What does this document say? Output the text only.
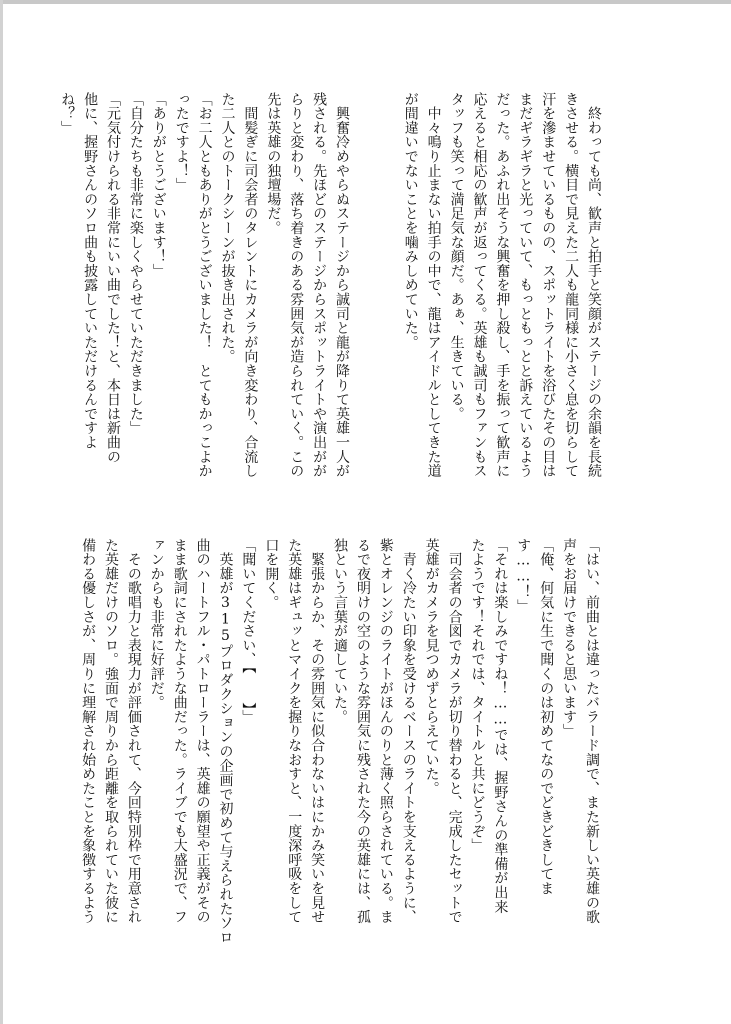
　終わっても尚、歓声と拍手と笑顔がステージの余韻を長続

きさせる。横目で見えた二人も龍同様に小さく息を切らして

汗を滲ませているものの、スポットライトを浴びたその目は

まだギラギラと光っていて、もっともっとと訴えているよう

だった。あふれ出そうな興奮を押し殺し、手を振って歓声に

応えると相応の歓声が返ってくる。英雄も誠司もファンもス

タッフも笑って満足気な顔だ。あぁ、生きている。

　中々鳴り止まない拍手の中で、龍はアイドルとしてきた道

が間違いでないことを噛みしめていた。

　興奮冷めやらぬステージから誠司と龍が降りて英雄一人が

残される。先ほどのステージからスポットライトや演出がが

らりと変わり、落ち着きのある雰囲気が造られていく。この

先は英雄の独壇場だ。

　間髪ぎに司会者のタレントにカメラが向き変わり、合流し

た二人とのトークシーンが抜き出された。

「お二人ともありがとうございました！　とてもかっこよか

ったですよ！」

「ありがとうございます！」

「自分たちも非常に楽しくやらせていただきました」

「元気付けられる非常にいい曲でした！と、本日は新曲の

他に、握野さんのソロ曲も披露していただけるんですよ

ね？」

「はい、前曲とは違ったバラード調で、また新しい英雄の歌

声をお届けできると思います」

「俺、何気に生で聞くのは初めてなのでどきどきしてま

す……！」

「それは楽しみですね！……では、握野さんの準備が出来

たようです！それでは、タイトルと共にどうぞ」

　司会者の合図でカメラが切り替わると、完成したセットで

英雄がカメラを見つめずとらえていた。

　青く冷たい印象を受けるベースのライトを支えるように、

紫とオレンジのライトがほんのりと薄く照らされている。ま

るで夜明けの空のような雰囲気に残された今の英雄には、孤

独という言葉が適していた。

　緊張からか、その雰囲気に似合わないはにかみ笑いを見せ

た英雄はギュッとマイクを握りなおすと、一度深呼吸をして

口を開く。

「聞いてください、【　　】」

　英雄が315プロダクションの企画で初めて与えられたソロ

曲のハートフル・パトローラーは、英雄の願望や正義がその

まま歌詞にされたような曲だった。ライブでも大盛況で、フ

ァンからも非常に好評だ。

　その歌唱力と表現力が評価されて、今回特別枠で用意され

た英雄だけのソロ。強面で周りから距離を取られていた彼に

備わる優しさが、周りに理解され始めたことを象徴するよう
